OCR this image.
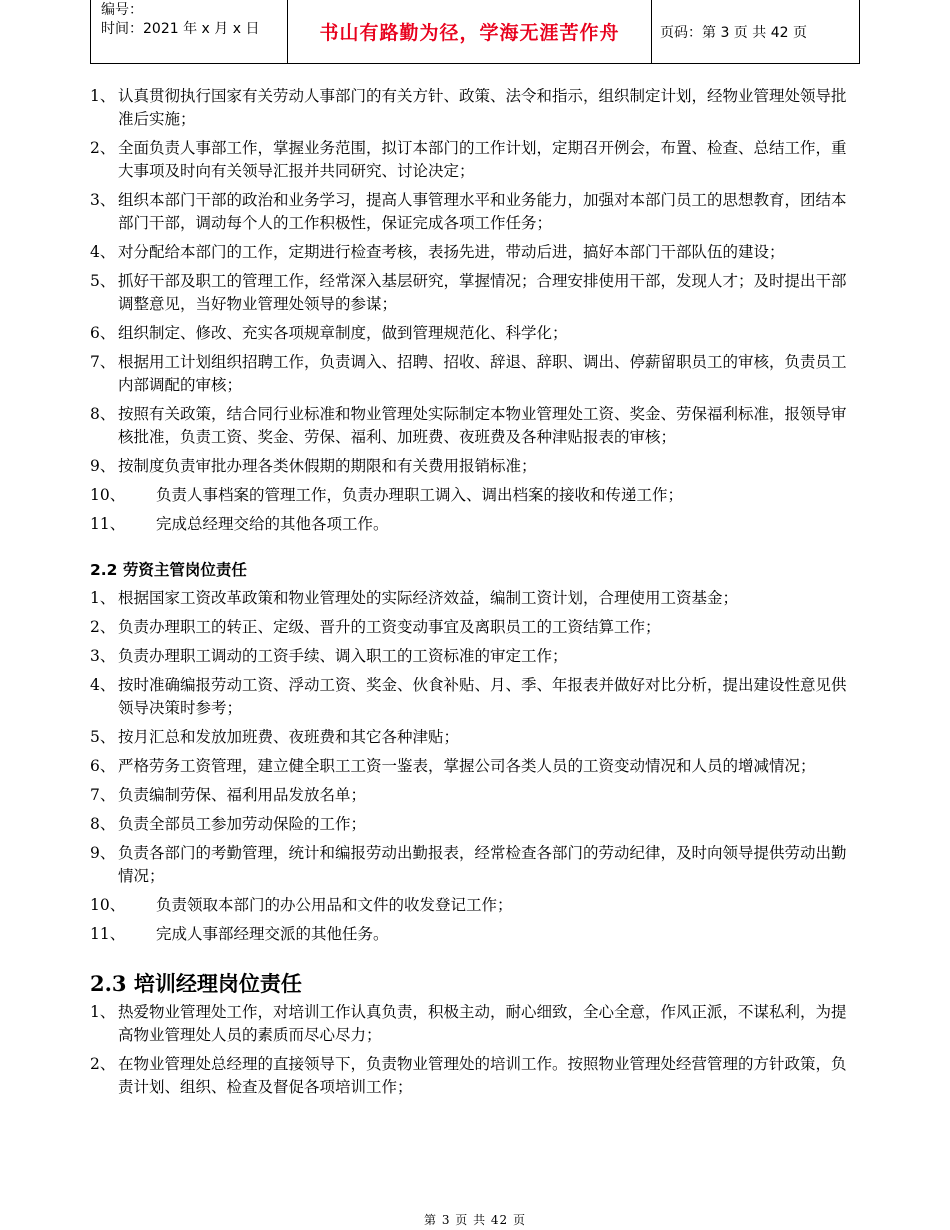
编号：
时间：2021 年 x 月 x 日	书山有路勤为径，学海无涯苦作舟	页码：第 3 页 共 42 页
1、 认真贯彻执行国家有关劳动人事部门的有关方针、政策、法令和指示，组织制定计划，经物业管理处领导批准后实施；
2、 全面负责人事部工作，掌握业务范围，拟订本部门的工作计划，定期召开例会，布置、检查、总结工作，重大事项及时向有关领导汇报并共同研究、讨论决定；
3、 组织本部门干部的政治和业务学习，提高人事管理水平和业务能力，加强对本部门员工的思想教育，团结本部门干部，调动每个人的工作积极性，保证完成各项工作任务；
4、 对分配给本部门的工作，定期进行检查考核，表扬先进，带动后进，搞好本部门干部队伍的建设；
5、 抓好干部及职工的管理工作，经常深入基层研究，掌握情况；合理安排使用干部，发现人才；及时提出干部调整意见，当好物业管理处领导的参谋；
6、 组织制定、修改、充实各项规章制度，做到管理规范化、科学化；
7、 根据用工计划组织招聘工作，负责调入、招聘、招收、辞退、辞职、调出、停薪留职员工的审核，负责员工内部调配的审核；
8、 按照有关政策，结合同行业标准和物业管理处实际制定本物业管理处工资、奖金、劳保福利标准，报领导审核批准，负责工资、奖金、劳保、福利、加班费、夜班费及各种津贴报表的审核；
9、 按制度负责审批办理各类休假期的期限和有关费用报销标准；
10、	负责人事档案的管理工作，负责办理职工调入、调出档案的接收和传递工作；
11、	完成总经理交给的其他各项工作。
2.2 劳资主管岗位责任
1、 根据国家工资改革政策和物业管理处的实际经济效益，编制工资计划，合理使用工资基金；
2、 负责办理职工的转正、定级、晋升的工资变动事宜及离职员工的工资结算工作；
3、 负责办理职工调动的工资手续、调入职工的工资标准的审定工作；
4、 按时准确编报劳动工资、浮动工资、奖金、伙食补贴、月、季、年报表并做好对比分析，提出建设性意见供领导决策时参考；
5、 按月汇总和发放加班费、夜班费和其它各种津贴；
6、 严格劳务工资管理，建立健全职工工资一鉴表，掌握公司各类人员的工资变动情况和人员的增减情况；
7、 负责编制劳保、福利用品发放名单；
8、 负责全部员工参加劳动保险的工作；
9、 负责各部门的考勤管理，统计和编报劳动出勤报表，经常检查各部门的劳动纪律，及时向领导提供劳动出勤情况；
10、	负责领取本部门的办公用品和文件的收发登记工作；
11、	完成人事部经理交派的其他任务。
2.3 培训经理岗位责任
1、 热爱物业管理处工作，对培训工作认真负责，积极主动，耐心细致，全心全意，作风正派，不谋私利，为提高物业管理处人员的素质而尽心尽力；
2、 在物业管理处总经理的直接领导下，负责物业管理处的培训工作。按照物业管理处经营管理的方针政策，负责计划、组织、检查及督促各项培训工作；
第 3 页 共 42 页
